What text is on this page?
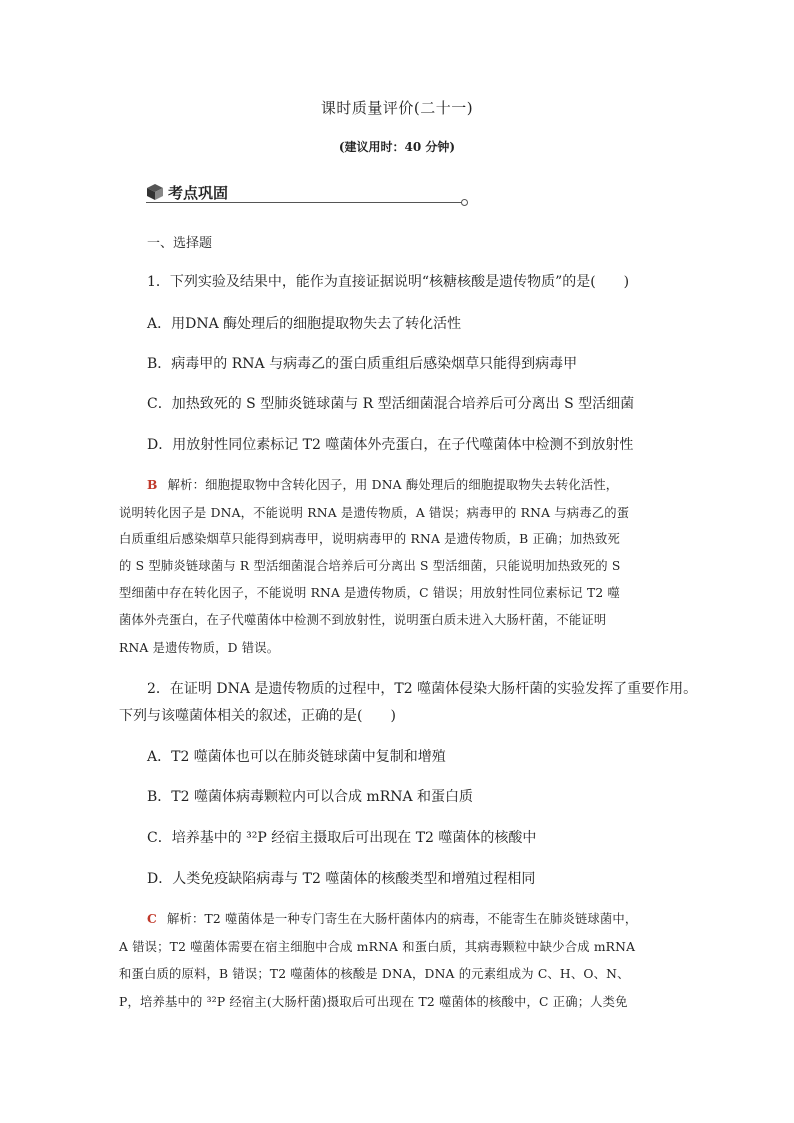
课时质量评价(二十一)
(建议用时：40 分钟)
考点巩固
一、选择题
1．下列实验及结果中，能作为直接证据说明“核糖核酸是遗传物质”的是(　　)
A．用DNA 酶处理后的细胞提取物失去了转化活性
B．病毒甲的 RNA 与病毒乙的蛋白质重组后感染烟草只能得到病毒甲
C．加热致死的 S 型肺炎链球菌与 R 型活细菌混合培养后可分离出 S 型活细菌
D．用放射性同位素标记 T2 噬菌体外壳蛋白，在子代噬菌体中检测不到放射性
B 解析：细胞提取物中含转化因子，用 DNA 酶处理后的细胞提取物失去转化活性，
说明转化因子是 DNA，不能说明 RNA 是遗传物质，A 错误；病毒甲的 RNA 与病毒乙的蛋
白质重组后感染烟草只能得到病毒甲，说明病毒甲的 RNA 是遗传物质，B 正确；加热致死
的 S 型肺炎链球菌与 R 型活细菌混合培养后可分离出 S 型活细菌，只能说明加热致死的 S
型细菌中存在转化因子，不能说明 RNA 是遗传物质，C 错误；用放射性同位素标记 T2 噬
菌体外壳蛋白，在子代噬菌体中检测不到放射性，说明蛋白质未进入大肠杆菌，不能证明
RNA 是遗传物质，D 错误。
2．在证明 DNA 是遗传物质的过程中，T2 噬菌体侵染大肠杆菌的实验发挥了重要作用。
下列与该噬菌体相关的叙述，正确的是(　　)
A．T2 噬菌体也可以在肺炎链球菌中复制和增殖
B．T2 噬菌体病毒颗粒内可以合成 mRNA 和蛋白质
C．培养基中的 ³²P 经宿主摄取后可出现在 T2 噬菌体的核酸中
D．人类免疫缺陷病毒与 T2 噬菌体的核酸类型和增殖过程相同
C 解析：T2 噬菌体是一种专门寄生在大肠杆菌体内的病毒，不能寄生在肺炎链球菌中，
A 错误；T2 噬菌体需要在宿主细胞中合成 mRNA 和蛋白质，其病毒颗粒中缺少合成 mRNA
和蛋白质的原料，B 错误；T2 噬菌体的核酸是 DNA，DNA 的元素组成为 C、H、O、N、
P，培养基中的 ³²P 经宿主(大肠杆菌)摄取后可出现在 T2 噬菌体的核酸中，C 正确；人类免
